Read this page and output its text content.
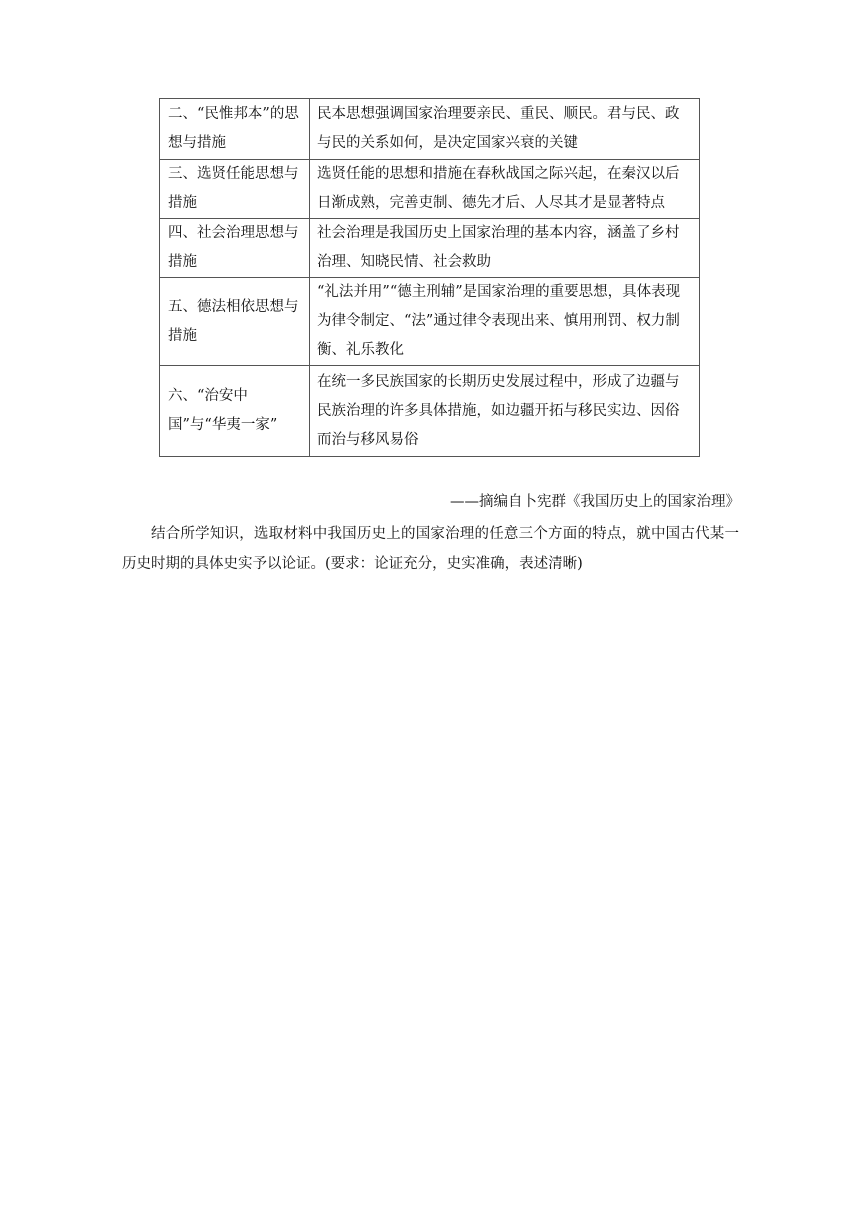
二、“民惟邦本”的思想与措施	民本思想强调国家治理要亲民、重民、顺民。君与民、政与民的关系如何，是决定国家兴衰的关键
三、选贤任能思想与措施	选贤任能的思想和措施在春秋战国之际兴起，在秦汉以后日渐成熟，完善吏制、德先才后、人尽其才是显著特点
四、社会治理思想与措施	社会治理是我国历史上国家治理的基本内容，涵盖了乡村治理、知晓民情、社会救助
五、德法相依思想与措施	“礼法并用”“德主刑辅”是国家治理的重要思想，具体表现为律令制定、“法”通过律令表现出来、慎用刑罚、权力制衡、礼乐教化
六、“治安中国”与“华夷一家”	在统一多民族国家的长期历史发展过程中，形成了边疆与民族治理的许多具体措施，如边疆开拓与移民实边、因俗而治与移风易俗
——摘编自卜宪群《我国历史上的国家治理》
结合所学知识，选取材料中我国历史上的国家治理的任意三个方面的特点，就中国古代某一历史时期的具体史实予以论证。(要求：论证充分，史实准确，表述清晰)
